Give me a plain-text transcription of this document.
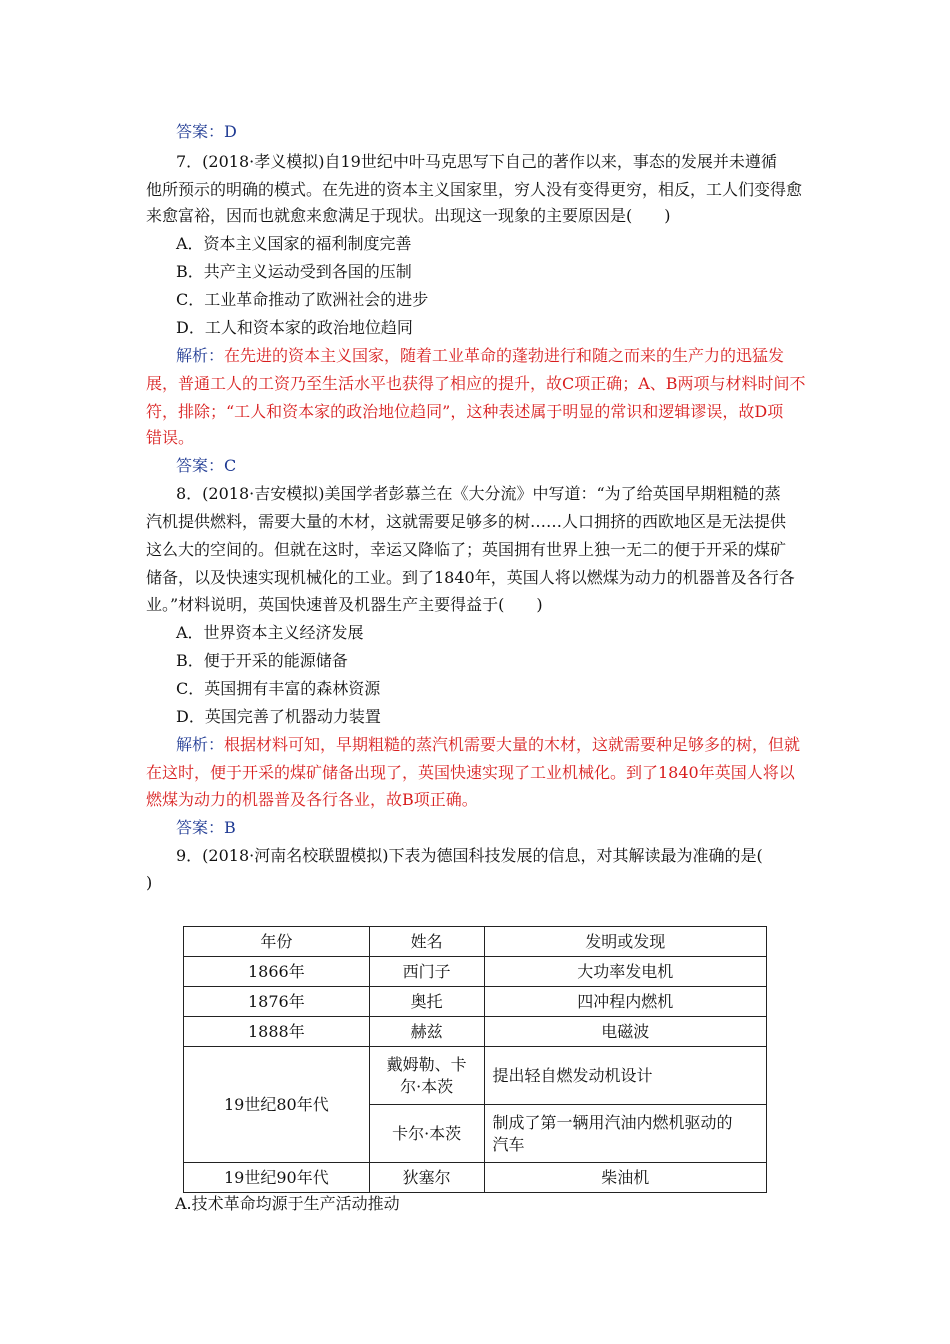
答案：D
7．(2018·孝义模拟)自19世纪中叶马克思写下自己的著作以来，事态的发展并未遵循
他所预示的明确的模式。在先进的资本主义国家里，穷人没有变得更穷，相反，工人们变得愈
来愈富裕，因而也就愈来愈满足于现状。出现这一现象的主要原因是(　　)
A．资本主义国家的福利制度完善
B．共产主义运动受到各国的压制
C．工业革命推动了欧洲社会的进步
D．工人和资本家的政治地位趋同
解析：在先进的资本主义国家，随着工业革命的蓬勃进行和随之而来的生产力的迅猛发
展，普通工人的工资乃至生活水平也获得了相应的提升，故C项正确；A、B两项与材料时间不
符，排除；“工人和资本家的政治地位趋同”，这种表述属于明显的常识和逻辑谬误，故D项
错误。
答案：C
8．(2018·吉安模拟)美国学者彭慕兰在《大分流》中写道：“为了给英国早期粗糙的蒸
汽机提供燃料，需要大量的木材，这就需要足够多的树……人口拥挤的西欧地区是无法提供
这么大的空间的。但就在这时，幸运又降临了；英国拥有世界上独一无二的便于开采的煤矿
储备，以及快速实现机械化的工业。到了1840年，英国人将以燃煤为动力的机器普及各行各
业。”材料说明，英国快速普及机器生产主要得益于(　　)
A．世界资本主义经济发展
B．便于开采的能源储备
C．英国拥有丰富的森林资源
D．英国完善了机器动力装置
解析：根据材料可知，早期粗糙的蒸汽机需要大量的木材，这就需要种足够多的树，但就
在这时，便于开采的煤矿储备出现了，英国快速实现了工业机械化。到了1840年英国人将以
燃煤为动力的机器普及各行各业，故B项正确。
答案：B
9．(2018·河南名校联盟模拟)下表为德国科技发展的信息，对其解读最为准确的是(
)
年份	姓名	发明或发现
1866年	西门子	大功率发电机
1876年	奥托	四冲程内燃机
1888年	赫兹	电磁波
19世纪80年代	戴姆勒、卡
尔·本茨	提出轻自燃发动机设计
	卡尔·本茨	制成了第一辆用汽油内燃机驱动的
汽车

19世纪90年代	狄塞尔	柴油机
A.技术革命均源于生产活动推动
